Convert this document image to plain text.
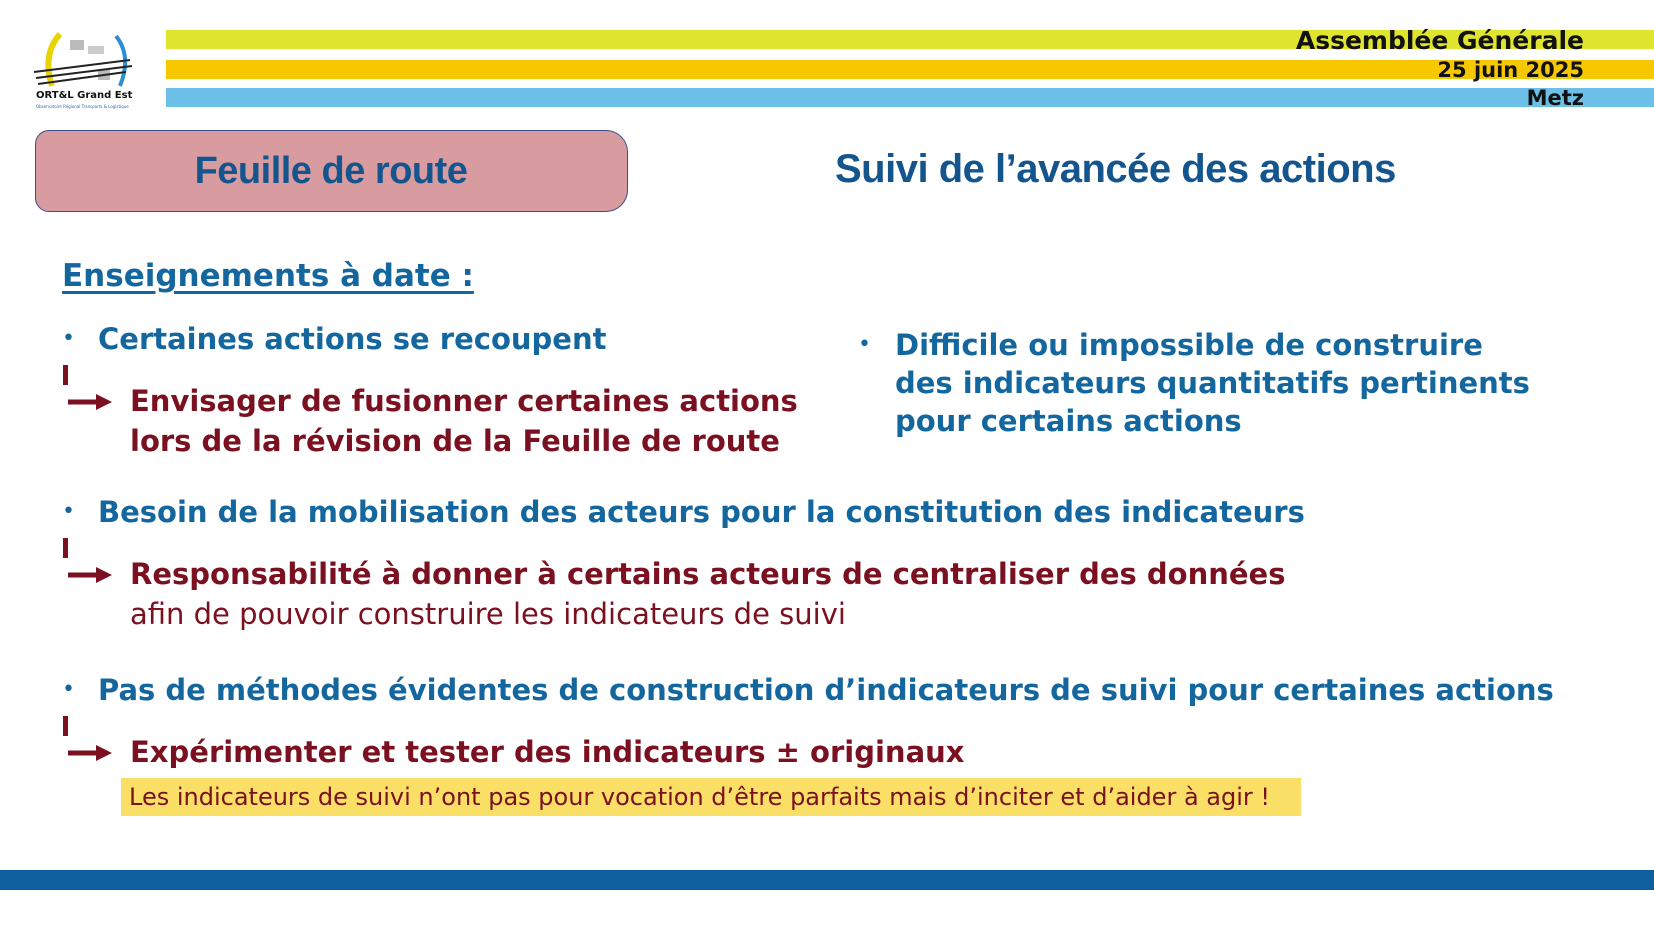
Assemblée Générale
25 juin 2025
Metz
ORT&L Grand Est
Observatoire Régional Transports & Logistique
Feuille de route	Suivi de l’avancée des actions
Enseignements à date :
• Certaines actions se recoupent
Envisager de fusionner certaines actions
lors de la révision de la Feuille de route
• Difficile ou impossible de construire
des indicateurs quantitatifs pertinents
pour certains actions
• Besoin de la mobilisation des acteurs pour la constitution des indicateurs
Responsabilité à donner à certains acteurs de centraliser des données
afin de pouvoir construire les indicateurs de suivi
• Pas de méthodes évidentes de construction d’indicateurs de suivi pour certaines actions
Expérimenter et tester des indicateurs ± originaux
Les indicateurs de suivi n’ont pas pour vocation d’être parfaits mais d’inciter et d’aider à agir !
